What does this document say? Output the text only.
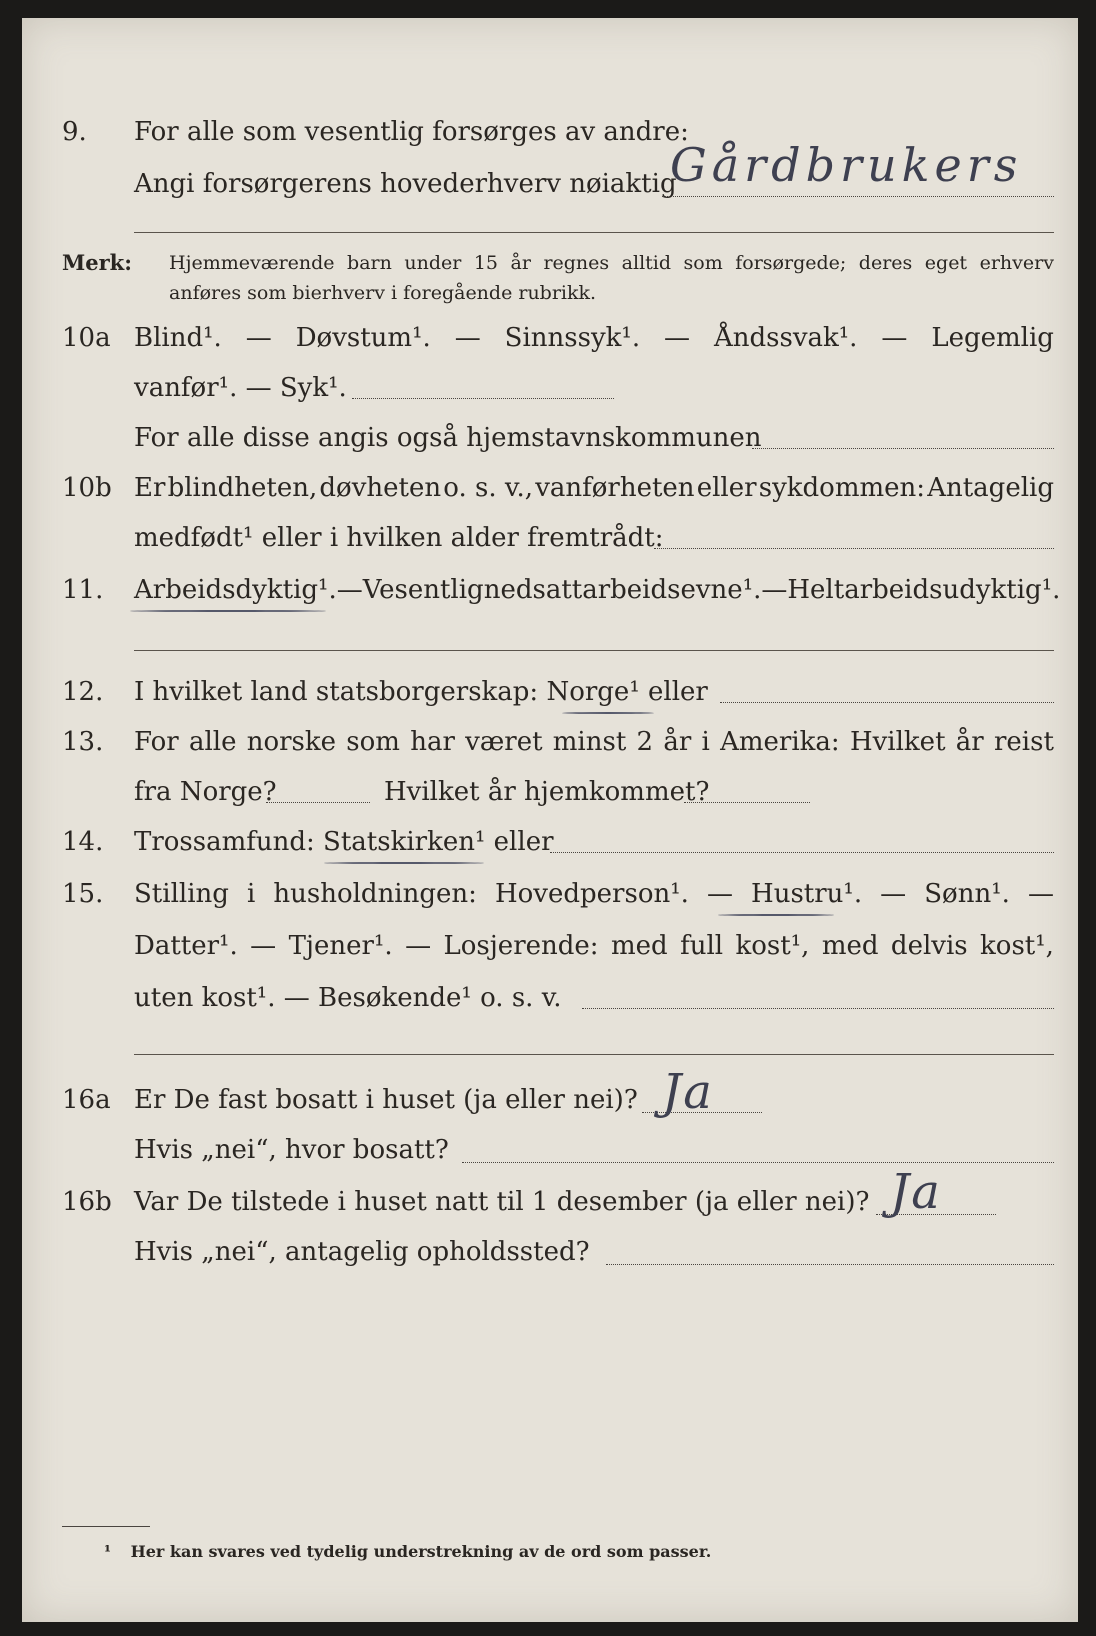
9. For alle som vesentlig forsørges av andre:
Angi forsørgerens hovederhverv nøiaktig
Gårdbrukers
Merk: Hjemmeværende barn under 15 år regnes alltid som forsørgede; deres eget erhverv
anføres som bierhverv i foregående rubrikk.
10a Blind¹. — Døvstum¹. — Sinnssyk¹. — Åndssvak¹. — Legemlig
vanfør¹. — Syk¹.
For alle disse angis også hjemstavnskommunen
10b Er blindheten, døvheten o. s. v., vanførheten eller sykdommen: Antagelig
medfødt¹ eller i hvilken alder fremtrådt:
11. Arbeidsdyktig¹. — Vesentlig nedsatt arbeidsevne¹. — Helt arbeidsudyktig¹.
12. I hvilket land statsborgerskap: Norge¹ eller
13. For alle norske som har været minst 2 år i Amerika: Hvilket år reist
fra Norge?	Hvilket år hjemkommet?
14. Trossamfund: Statskirken¹ eller
15. Stilling i husholdningen: Hovedperson¹. — Hustru¹. — Sønn¹. —
Datter¹. — Tjener¹. — Losjerende: med full kost¹, med delvis kost¹,
uten kost¹. — Besøkende¹ o. s. v.
16a Er De fast bosatt i huset (ja eller nei)? Ja
Hvis „nei“, hvor bosatt?
16b Var De tilstede i huset natt til 1 desember (ja eller nei)? Ja
Hvis „nei“, antagelig opholdssted?
¹ Her kan svares ved tydelig understrekning av de ord som passer.
